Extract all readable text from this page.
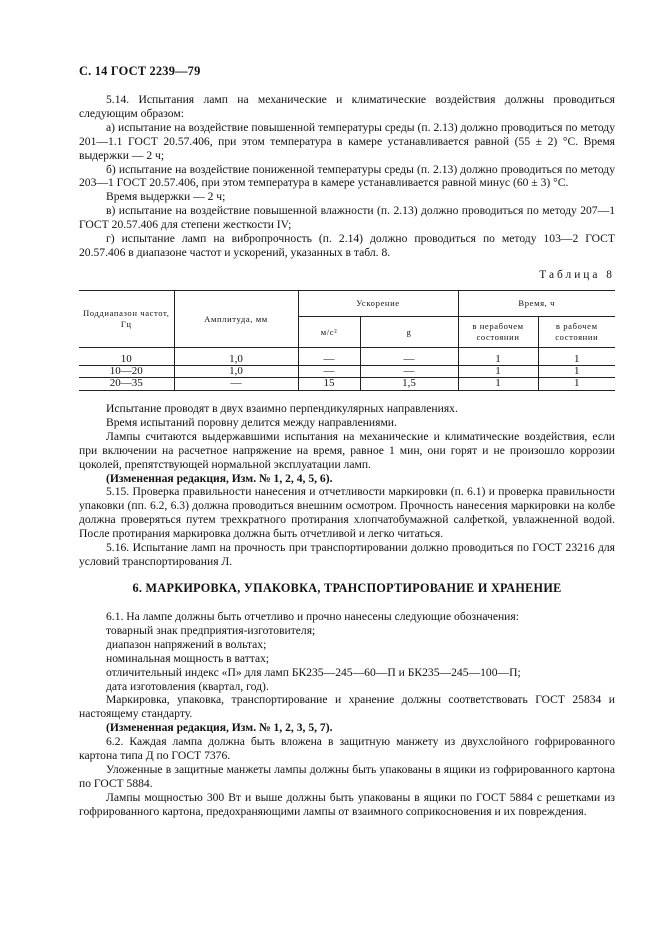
С. 14 ГОСТ 2239—79

5.14. Испытания ламп на механические и климатические воздействия должны проводиться следующим образом:

а) испытание на воздействие повышенной температуры среды (п. 2.13) должно проводиться по методу 201—1.1 ГОСТ 20.57.406, при этом температура в камере устанавливается равной (55 ± 2) °С. Время выдержки — 2 ч;

б) испытание на воздействие пониженной температуры среды (п. 2.13) должно проводиться по методу 203—1 ГОСТ 20.57.406, при этом температура в камере устанавливается равной минус (60 ± 3) °С.

Время выдержки — 2 ч;

в) испытание на воздействие повышенной влажности (п. 2.13) должно проводиться по методу 207—1 ГОСТ 20.57.406 для степени жесткости IV;

г) испытание ламп на вибропрочность (п. 2.14) должно проводиться по методу 103—2 ГОСТ 20.57.406 в диапазоне частот и ускорений, указанных в табл. 8.

Таблица 8
Поддиапазон частот, Гц	Амплитуда, мм	Ускорение		Время, ч	
		м/с²	g	в нерабочем состоянии	в рабочем состоянии
10	1,0	—	—	1	1
10—20	1,0	—	—	1	1
20—35	—	15	1,5	1	1

Испытание проводят в двух взаимно перпендикулярных направлениях.

Время испытаний поровну делится между направлениями.

Лампы считаются выдержавшими испытания на механические и климатические воздействия, если при включении на расчетное напряжение на время, равное 1 мин, они горят и не произошло коррозии цоколей, препятствующей нормальной эксплуатации ламп.

(Измененная редакция, Изм. № 1, 2, 4, 5, 6).

5.15. Проверка правильности нанесения и отчетливости маркировки (п. 6.1) и проверка правильности упаковки (пп. 6.2, 6.3) должна проводиться внешним осмотром. Прочность нанесения маркировки на колбе должна проверяться путем трехкратного протирания хлопчатобумажной салфеткой, увлажненной водой. После протирания маркировка должна быть отчетливой и легко читаться.

5.16. Испытание ламп на прочность при транспортировании должно проводиться по ГОСТ 23216 для условий транспортирования Л.

6. МАРКИРОВКА, УПАКОВКА, ТРАНСПОРТИРОВАНИЕ И ХРАНЕНИЕ

6.1. На лампе должны быть отчетливо и прочно нанесены следующие обозначения:

товарный знак предприятия-изготовителя;

диапазон напряжений в вольтах;

номинальная мощность в ваттах;

отличительный индекс «П» для ламп БК235—245—60—П и БК235—245—100—П;

дата изготовления (квартал, год).

Маркировка, упаковка, транспортирование и хранение должны соответствовать ГОСТ 25834 и настоящему стандарту.

(Измененная редакция, Изм. № 1, 2, 3, 5, 7).

6.2. Каждая лампа должна быть вложена в защитную манжету из двухслойного гофрированного картона типа Д по ГОСТ 7376.

Уложенные в защитные манжеты лампы должны быть упакованы в ящики из гофрированного картона по ГОСТ 5884.

Лампы мощностью 300 Вт и выше должны быть упакованы в ящики по ГОСТ 5884 с решетками из гофрированного картона, предохраняющими лампы от взаимного соприкосновения и их повреждения.
